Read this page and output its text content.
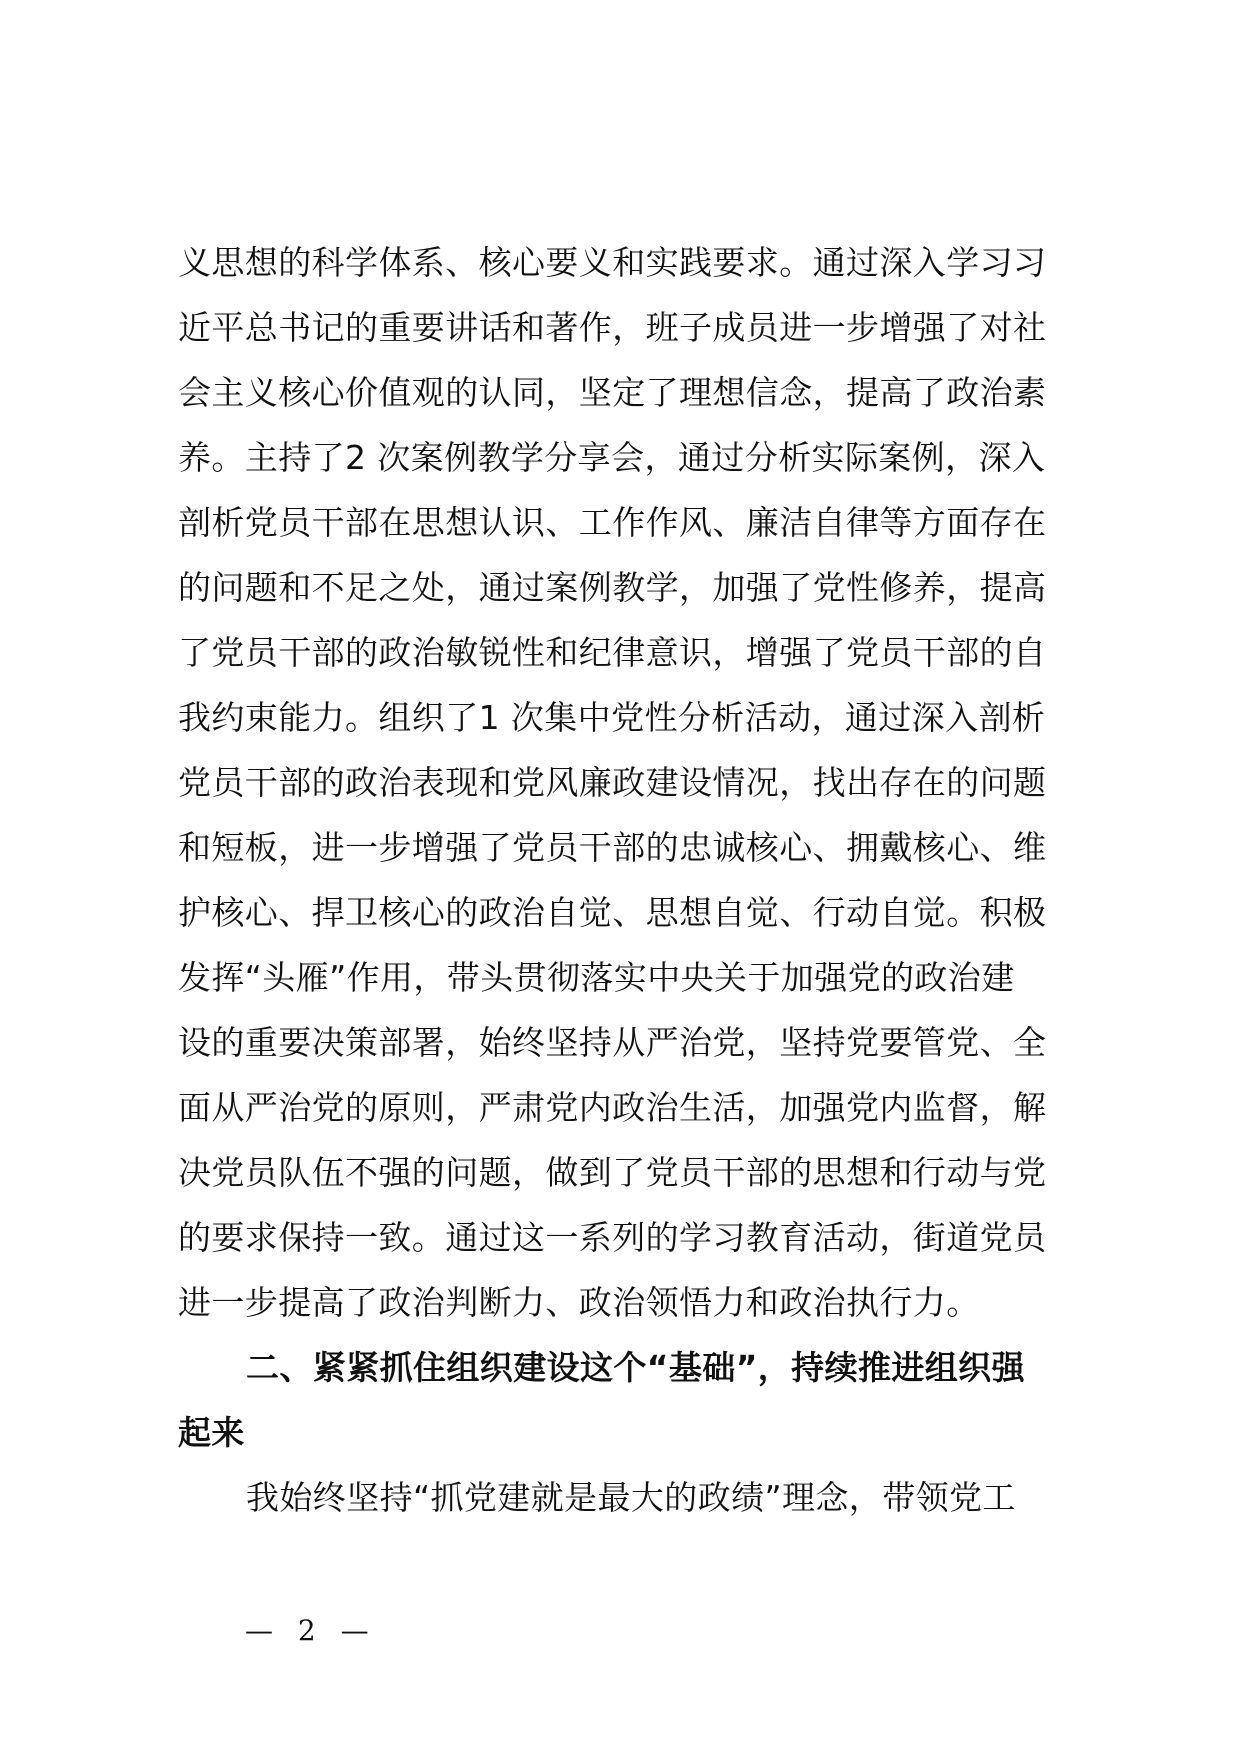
义思想的科学体系、核心要义和实践要求。通过深入学习习
近平总书记的重要讲话和著作，班子成员进一步增强了对社
会主义核心价值观的认同，坚定了理想信念，提高了政治素
养。主持了2 次案例教学分享会，通过分析实际案例，深入
剖析党员干部在思想认识、工作作风、廉洁自律等方面存在
的问题和不足之处，通过案例教学，加强了党性修养，提高
了党员干部的政治敏锐性和纪律意识，增强了党员干部的自
我约束能力。组织了1 次集中党性分析活动，通过深入剖析
党员干部的政治表现和党风廉政建设情况，找出存在的问题
和短板，进一步增强了党员干部的忠诚核心、拥戴核心、维
护核心、捍卫核心的政治自觉、思想自觉、行动自觉。积极
发挥“头雁”作用，带头贯彻落实中央关于加强党的政治建
设的重要决策部署，始终坚持从严治党，坚持党要管党、全
面从严治党的原则，严肃党内政治生活，加强党内监督，解
决党员队伍不强的问题，做到了党员干部的思想和行动与党
的要求保持一致。通过这一系列的学习教育活动，街道党员
进一步提高了政治判断力、政治领悟力和政治执行力。
二、紧紧抓住组织建设这个“基础”，持续推进组织强
起来
我始终坚持“抓党建就是最大的政绩”理念，带领党工
— 2 —
